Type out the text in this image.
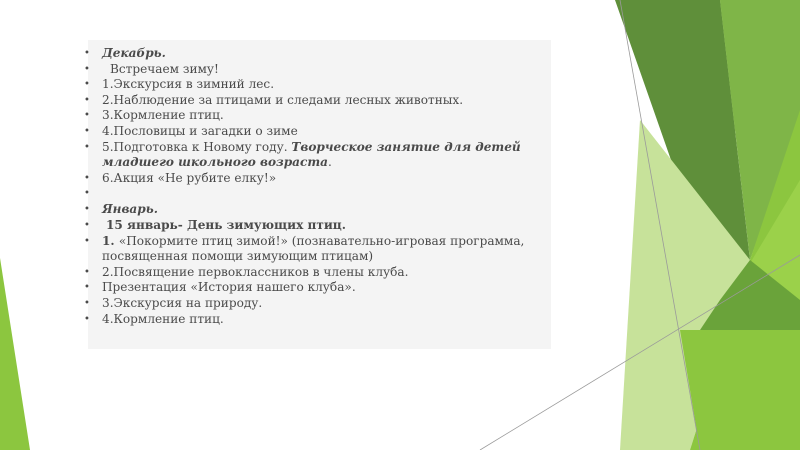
• Декабрь.
• Встречаем зиму!
• 1.Экскурсия в зимний лес.
• 2.Наблюдение за птицами и следами лесных животных.
• 3.Кормление птиц.
• 4.Пословицы и загадки о зиме
• 5.Подготовка к Новому году. Творческое занятие для детей младшего школьного возраста.
• 6.Акция «Не рубите елку!»
•
• Январь.
• 15 январь- День зимующих птиц.
• 1. «Покормите птиц зимой!» (познавательно-игровая программа, посвященная помощи зимующим птицам)
• 2.Посвящение первоклассников в члены клуба.
• Презентация «История нашего клуба».
• 3.Экскурсия на природу.
• 4.Кормление птиц.
